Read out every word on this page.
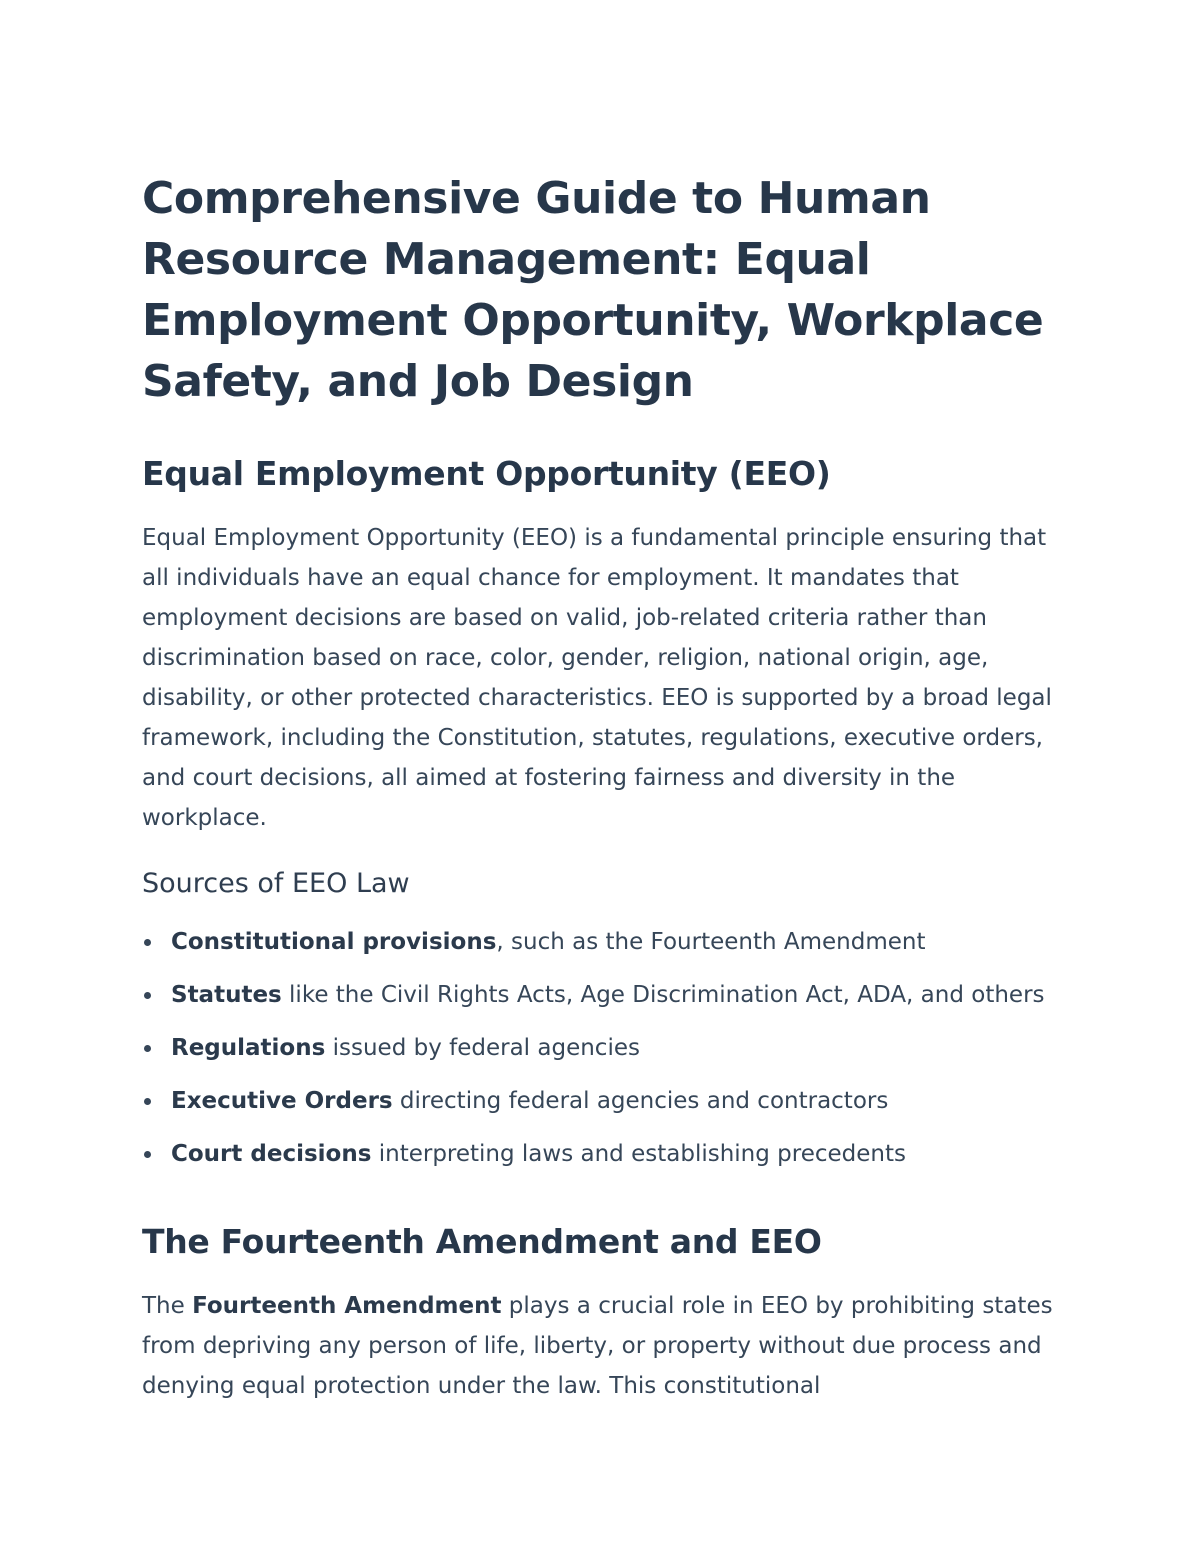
Comprehensive Guide to Human Resource Management: Equal Employment Opportunity, Workplace Safety, and Job Design
Equal Employment Opportunity (EEO)

Equal Employment Opportunity (EEO) is a fundamental principle ensuring that all individuals have an equal chance for employment. It mandates that employment decisions are based on valid, job-related criteria rather than discrimination based on race, color, gender, religion, national origin, age, disability, or other protected characteristics. EEO is supported by a broad legal framework, including the Constitution, statutes, regulations, executive orders, and court decisions, all aimed at fostering fairness and diversity in the workplace.

Sources of EEO Law
Constitutional provisions, such as the Fourteenth Amendment
Statutes like the Civil Rights Acts, Age Discrimination Act, ADA, and others
Regulations issued by federal agencies
Executive Orders directing federal agencies and contractors
Court decisions interpreting laws and establishing precedents
The Fourteenth Amendment and EEO

The Fourteenth Amendment plays a crucial role in EEO by prohibiting states from depriving any person of life, liberty, or property without due process and denying equal protection under the law. This constitutional
